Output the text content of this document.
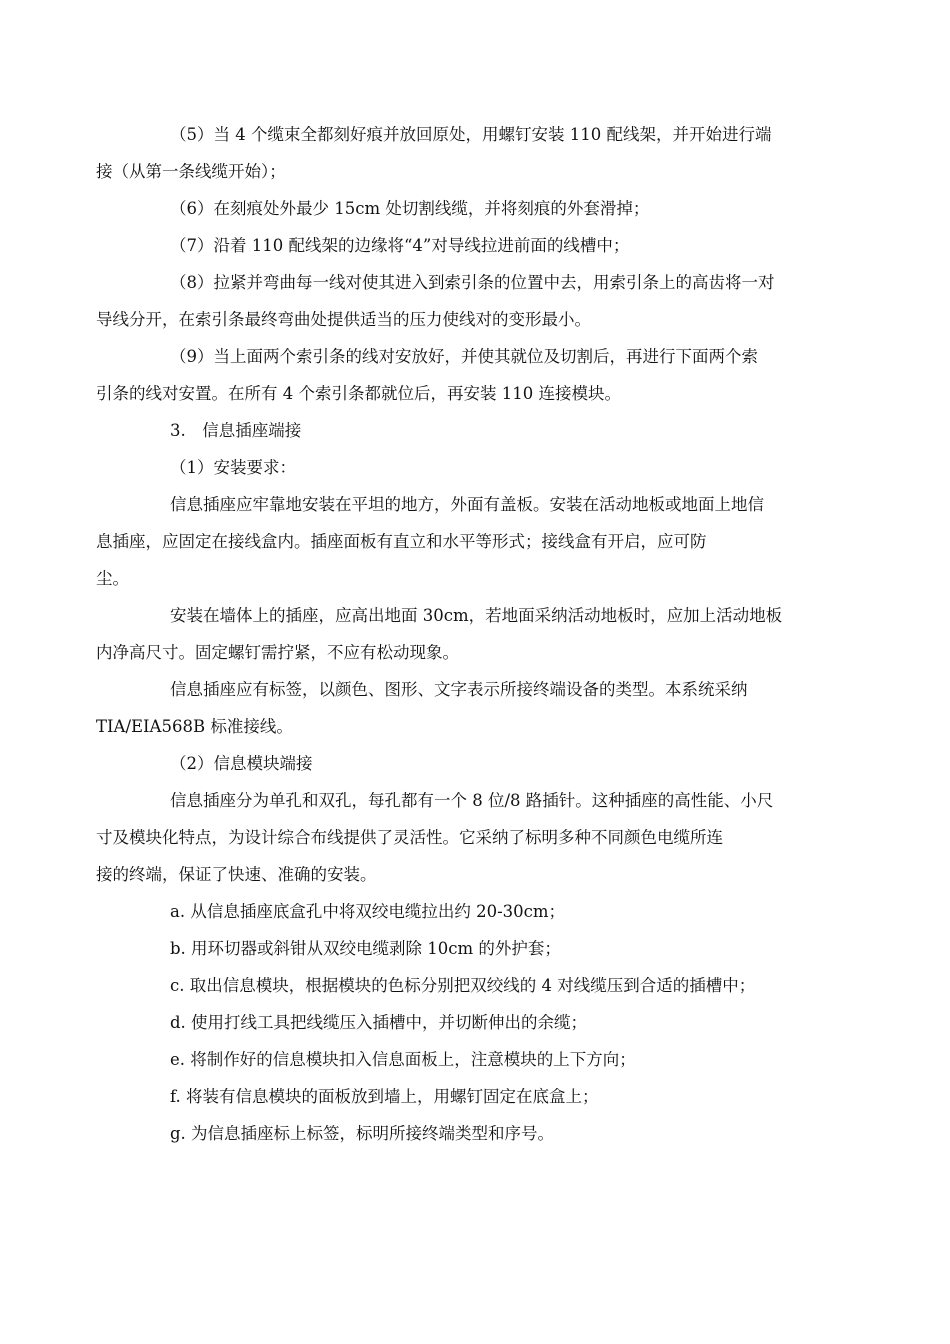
（5）当 4 个缆束全都刻好痕并放回原处，用螺钉安装 110 配线架，并开始进行端
接（从第一条线缆开始）；

（6）在刻痕处外最少 15cm 处切割线缆，并将刻痕的外套滑掉；

（7）沿着 110 配线架的边缘将“4”对导线拉进前面的线槽中；

（8）拉紧并弯曲每一线对使其进入到索引条的位置中去，用索引条上的高齿将一对
导线分开，在索引条最终弯曲处提供适当的压力使线对的变形最小。

（9）当上面两个索引条的线对安放好，并使其就位及切割后，再进行下面两个索
引条的线对安置。在所有 4 个索引条都就位后，再安装 110 连接模块。

3.　信息插座端接

（1）安装要求：

信息插座应牢靠地安装在平坦的地方，外面有盖板。安装在活动地板或地面上地信
息插座，应固定在接线盒内。插座面板有直立和水平等形式；接线盒有开启，应可防
尘。

安装在墙体上的插座，应高出地面 30cm，若地面采纳活动地板时，应加上活动地板
内净高尺寸。固定螺钉需拧紧，不应有松动现象。

信息插座应有标签，以颜色、图形、文字表示所接终端设备的类型。本系统采纳
TIA/EIA568B 标准接线。

（2）信息模块端接

信息插座分为单孔和双孔，每孔都有一个 8 位/8 路插针。这种插座的高性能、小尺
寸及模块化特点，为设计综合布线提供了灵活性。它采纳了标明多种不同颜色电缆所连
接的终端，保证了快速、准确的安装。

a. 从信息插座底盒孔中将双绞电缆拉出约 20-30cm；

b. 用环切器或斜钳从双绞电缆剥除 10cm 的外护套；

c. 取出信息模块，根据模块的色标分别把双绞线的 4 对线缆压到合适的插槽中；

d. 使用打线工具把线缆压入插槽中，并切断伸出的余缆；

e. 将制作好的信息模块扣入信息面板上，注意模块的上下方向；

f. 将装有信息模块的面板放到墙上，用螺钉固定在底盒上；

g. 为信息插座标上标签，标明所接终端类型和序号。
